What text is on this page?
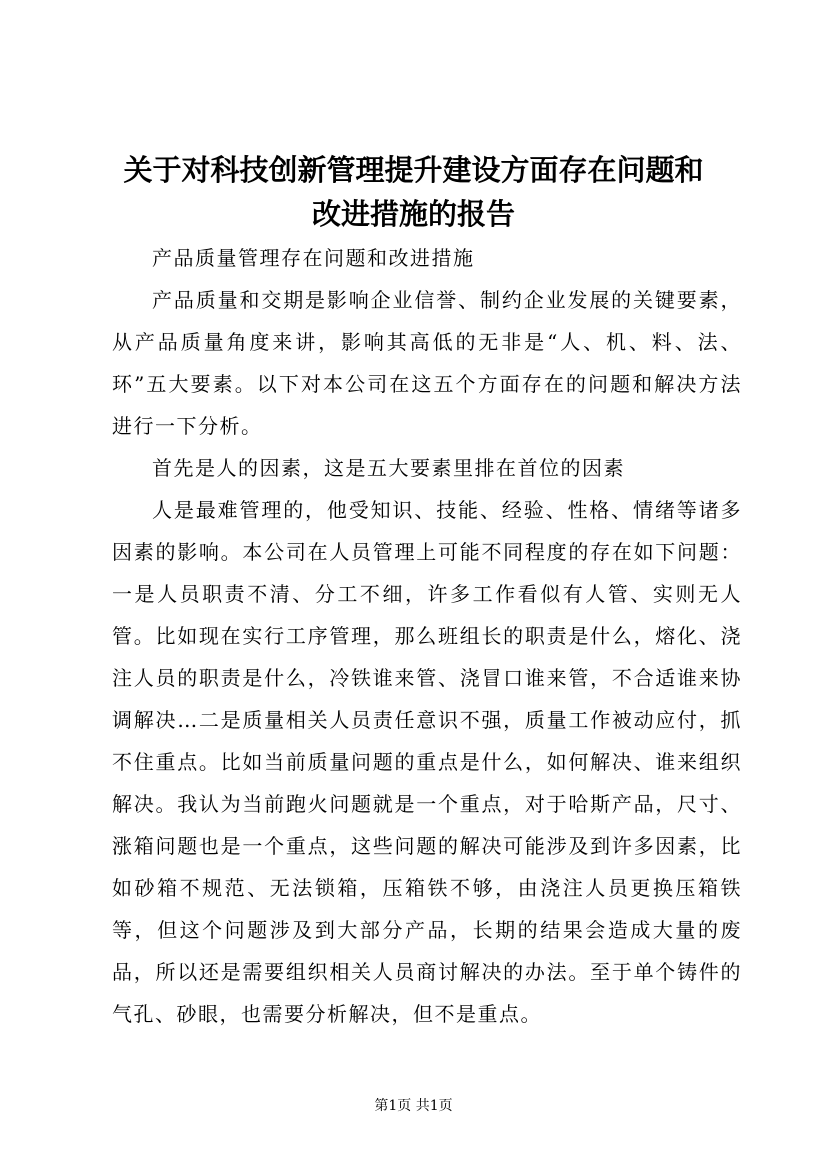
关于对科技创新管理提升建设方面存在问题和
改进措施的报告

产品质量管理存在问题和改进措施

产品质量和交期是影响企业信誉、制约企业发展的关键要素，从产品质量角度来讲，影响其高低的无非是“人、机、料、法、环”五大要素。以下对本公司在这五个方面存在的问题和解决方法进行一下分析。

首先是人的因素，这是五大要素里排在首位的因素

人是最难管理的，他受知识、技能、经验、性格、情绪等诸多因素的影响。本公司在人员管理上可能不同程度的存在如下问题：一是人员职责不清、分工不细，许多工作看似有人管、实则无人管。比如现在实行工序管理，那么班组长的职责是什么，熔化、浇注人员的职责是什么，冷铁谁来管、浇冒口谁来管，不合适谁来协调解决…二是质量相关人员责任意识不强，质量工作被动应付，抓不住重点。比如当前质量问题的重点是什么，如何解决、谁来组织解决。我认为当前跑火问题就是一个重点，对于哈斯产品，尺寸、涨箱问题也是一个重点，这些问题的解决可能涉及到许多因素，比如砂箱不规范、无法锁箱，压箱铁不够，由浇注人员更换压箱铁等，但这个问题涉及到大部分产品，长期的结果会造成大量的废品，所以还是需要组织相关人员商讨解决的办法。至于单个铸件的气孔、砂眼，也需要分析解决，但不是重点。

第1页 共1页
